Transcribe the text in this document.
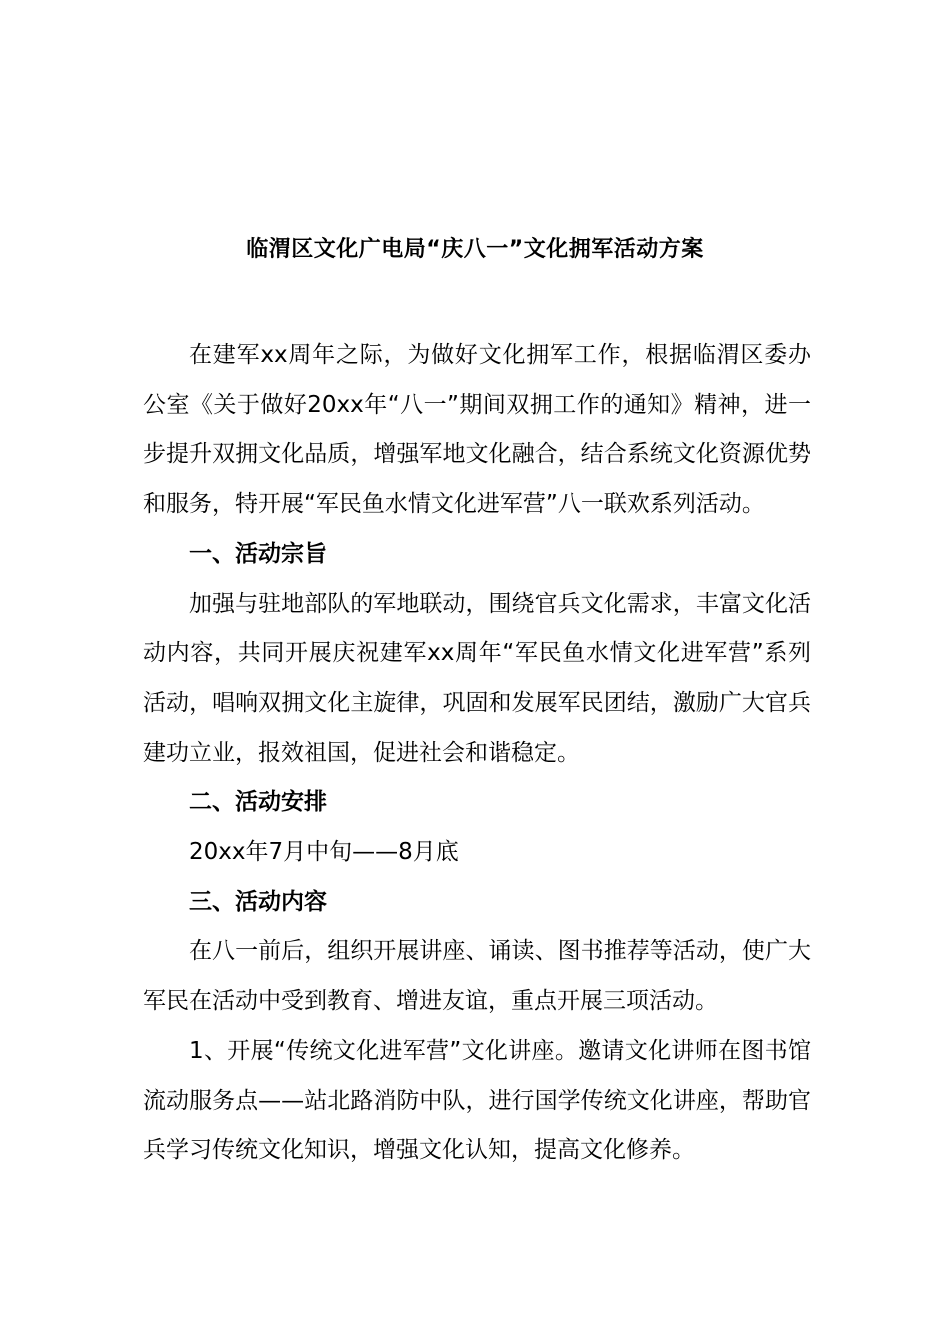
临渭区文化广电局“庆八一”文化拥军活动方案

在建军xx周年之际，为做好文化拥军工作，根据临渭区委办公室《关于做好20xx年“八一”期间双拥工作的通知》精神，进一步提升双拥文化品质，增强军地文化融合，结合系统文化资源优势和服务，特开展“军民鱼水情文化进军营”八一联欢系列活动。

一、活动宗旨

加强与驻地部队的军地联动，围绕官兵文化需求，丰富文化活动内容，共同开展庆祝建军xx周年“军民鱼水情文化进军营”系列活动，唱响双拥文化主旋律，巩固和发展军民团结，激励广大官兵建功立业，报效祖国，促进社会和谐稳定。

二、活动安排

20xx年7月中旬——8月底

三、活动内容

在八一前后，组织开展讲座、诵读、图书推荐等活动，使广大军民在活动中受到教育、增进友谊，重点开展三项活动。

1、开展“传统文化进军营”文化讲座。邀请文化讲师在图书馆流动服务点——站北路消防中队，进行国学传统文化讲座，帮助官兵学习传统文化知识，增强文化认知，提高文化修养。
